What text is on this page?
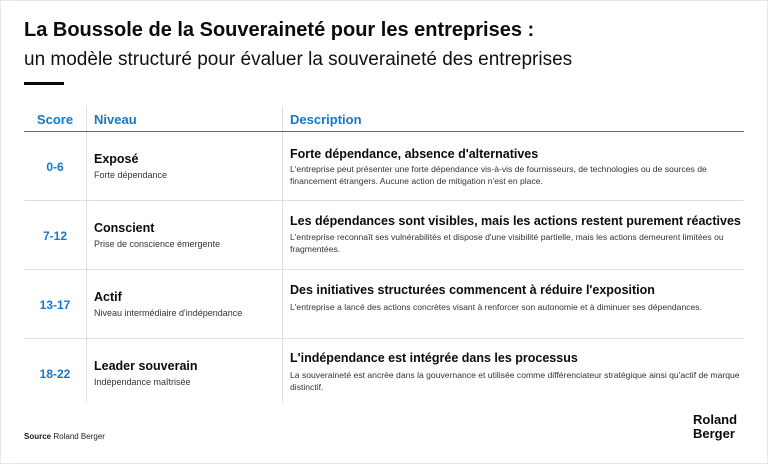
La Boussole de la Souveraineté pour les entreprises :
un modèle structuré pour évaluer la souveraineté des entreprises
Score	Niveau	Description
0-6
Exposé
Forte dépendance
Forte dépendance, absence d'alternatives
L'entreprise peut présenter une forte dépendance vis-à-vis de fournisseurs, de technologies ou de sources de financement étrangers. Aucune action de mitigation n'est en place.
7-12
Conscient
Prise de conscience émergente
Les dépendances sont visibles, mais les actions restent purement réactives
L'entreprise reconnaît ses vulnérabilités et dispose d'une visibilité partielle, mais les actions demeurent limitées ou fragmentées.
13-17
Actif
Niveau intermédiaire d'indépendance
Des initiatives structurées commencent à réduire l'exposition
L'entreprise a lancé des actions concrètes visant à renforcer son autonomie et à diminuer ses dépendances.
18-22
Leader souverain
Indépendance maîtrisée
L'indépendance est intégrée dans les processus
La souveraineté est ancrée dans la gouvernance et utilisée comme différenciateur stratégique ainsi qu'actif de marque distinctif.
Source Roland Berger
Roland
Berger
